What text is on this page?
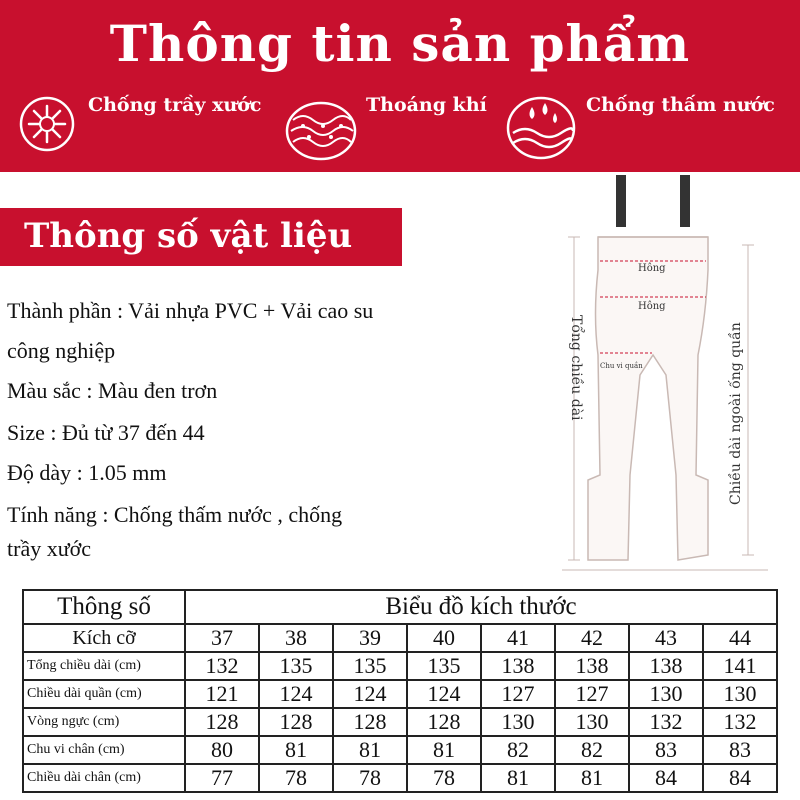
Thông tin sản phẩm
Chống trầy xước	Thoáng khí	Chống thấm nước
Thông số vật liệu
Thành phần : Vải nhựa PVC + Vải cao su
công nghiệp
Màu sắc : Màu đen trơn
Size : Đủ từ 37 đến 44
Độ dày : 1.05 mm
Tính năng : Chống thấm nước , chống
trầy xước
Hông
Hông
Chu vi quần
Tổng chiều dài	Chiều dài ngoài ống quần
Thông số	Biểu đồ kích thước							
Kích cỡ	37	38	39	40	41	42	43	44
Tổng chiều dài (cm)	132	135	135	135	138	138	138	141
Chiều dài quần (cm)	121	124	124	124	127	127	130	130
Vòng ngực (cm)	128	128	128	128	130	130	132	132
Chu vi chân (cm)	80	81	81	81	82	82	83	83
Chiều dài chân (cm)	77	78	78	78	81	81	84	84
